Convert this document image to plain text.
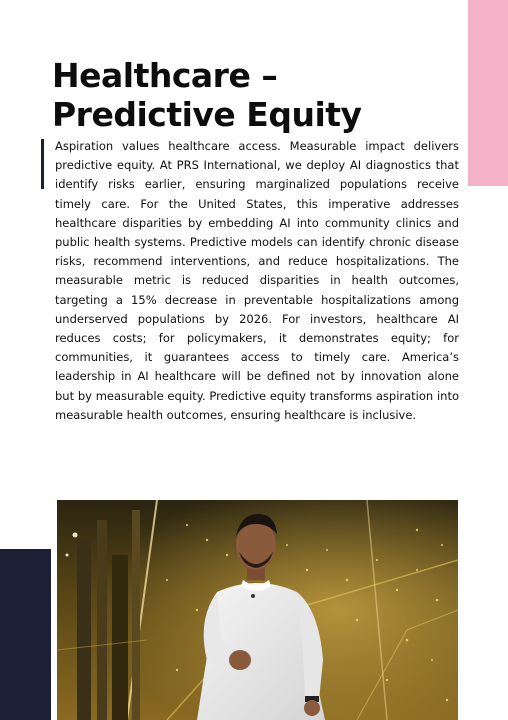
Healthcare –
Predictive Equity

Aspiration values healthcare access. Measurable impact delivers predictive equity. At PRS International, we deploy AI diagnostics that identify risks earlier, ensuring marginalized populations receive timely care. For the United States, this imperative addresses healthcare disparities by embedding AI into community clinics and public health systems. Predictive models can identify chronic disease risks, recommend interventions, and reduce hospitalizations. The measurable metric is reduced disparities in health outcomes, targeting a 15% decrease in preventable hospitalizations among underserved populations by 2026. For investors, healthcare AI reduces costs; for policymakers, it demonstrates equity; for communities, it guarantees access to timely care. America’s leadership in AI healthcare will be defined not by innovation alone but by measurable equity. Predictive equity transforms aspiration into measurable health outcomes, ensuring healthcare is inclusive.
